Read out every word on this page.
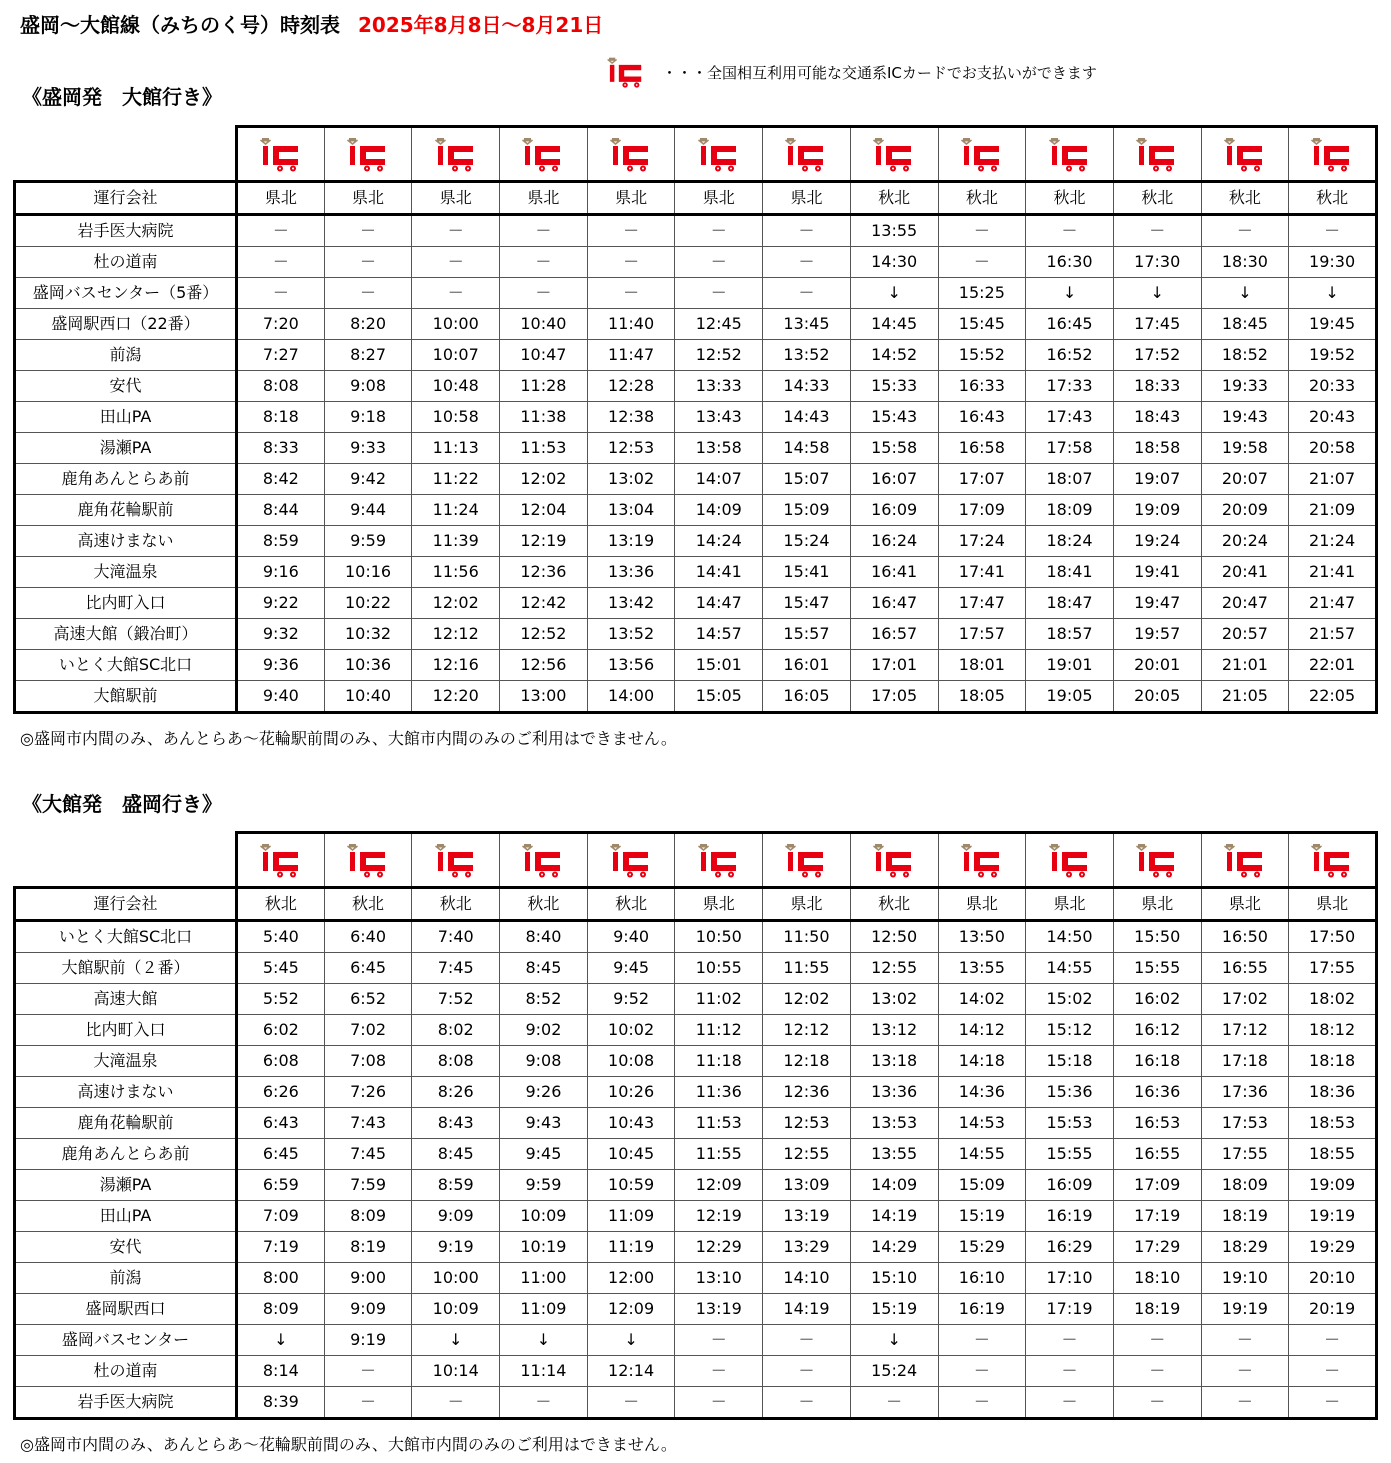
盛岡～大館線（みちのく号）時刻表 2025年8月8日～8月21日
《盛岡発　大館行き》
・・・全国相互利用可能な交通系ICカードでお支払いができます

運行会社	県北	県北	県北	県北	県北	県北	県北	秋北	秋北	秋北	秋北	秋北	秋北
岩手医大病院	－	－	－	－	－	－	－	13:55	－	－	－	－	－
杜の道南	－	－	－	－	－	－	－	14:30	－	16:30	17:30	18:30	19:30
盛岡バスセンター（5番）	－	－	－	－	－	－	－	↓	15:25	↓	↓	↓	↓
盛岡駅西口（22番）	7:20	8:20	10:00	10:40	11:40	12:45	13:45	14:45	15:45	16:45	17:45	18:45	19:45
前潟	7:27	8:27	10:07	10:47	11:47	12:52	13:52	14:52	15:52	16:52	17:52	18:52	19:52
安代	8:08	9:08	10:48	11:28	12:28	13:33	14:33	15:33	16:33	17:33	18:33	19:33	20:33
田山PA	8:18	9:18	10:58	11:38	12:38	13:43	14:43	15:43	16:43	17:43	18:43	19:43	20:43
湯瀬PA	8:33	9:33	11:13	11:53	12:53	13:58	14:58	15:58	16:58	17:58	18:58	19:58	20:58
鹿角あんとらあ前	8:42	9:42	11:22	12:02	13:02	14:07	15:07	16:07	17:07	18:07	19:07	20:07	21:07
鹿角花輪駅前	8:44	9:44	11:24	12:04	13:04	14:09	15:09	16:09	17:09	18:09	19:09	20:09	21:09
高速けまない	8:59	9:59	11:39	12:19	13:19	14:24	15:24	16:24	17:24	18:24	19:24	20:24	21:24
大滝温泉	9:16	10:16	11:56	12:36	13:36	14:41	15:41	16:41	17:41	18:41	19:41	20:41	21:41
比内町入口	9:22	10:22	12:02	12:42	13:42	14:47	15:47	16:47	17:47	18:47	19:47	20:47	21:47
高速大館（鍛冶町）	9:32	10:32	12:12	12:52	13:52	14:57	15:57	16:57	17:57	18:57	19:57	20:57	21:57
いとく大館SC北口	9:36	10:36	12:16	12:56	13:56	15:01	16:01	17:01	18:01	19:01	20:01	21:01	22:01
大館駅前	9:40	10:40	12:20	13:00	14:00	15:05	16:05	17:05	18:05	19:05	20:05	21:05	22:05
◎盛岡市内間のみ、あんとらあ～花輪駅前間のみ、大館市内間のみのご利用はできません。
《大館発　盛岡行き》

運行会社	秋北	秋北	秋北	秋北	秋北	県北	県北	秋北	県北	県北	県北	県北	県北
いとく大館SC北口	5:40	6:40	7:40	8:40	9:40	10:50	11:50	12:50	13:50	14:50	15:50	16:50	17:50
大館駅前（２番）	5:45	6:45	7:45	8:45	9:45	10:55	11:55	12:55	13:55	14:55	15:55	16:55	17:55
高速大館	5:52	6:52	7:52	8:52	9:52	11:02	12:02	13:02	14:02	15:02	16:02	17:02	18:02
比内町入口	6:02	7:02	8:02	9:02	10:02	11:12	12:12	13:12	14:12	15:12	16:12	17:12	18:12
大滝温泉	6:08	7:08	8:08	9:08	10:08	11:18	12:18	13:18	14:18	15:18	16:18	17:18	18:18
高速けまない	6:26	7:26	8:26	9:26	10:26	11:36	12:36	13:36	14:36	15:36	16:36	17:36	18:36
鹿角花輪駅前	6:43	7:43	8:43	9:43	10:43	11:53	12:53	13:53	14:53	15:53	16:53	17:53	18:53
鹿角あんとらあ前	6:45	7:45	8:45	9:45	10:45	11:55	12:55	13:55	14:55	15:55	16:55	17:55	18:55
湯瀬PA	6:59	7:59	8:59	9:59	10:59	12:09	13:09	14:09	15:09	16:09	17:09	18:09	19:09
田山PA	7:09	8:09	9:09	10:09	11:09	12:19	13:19	14:19	15:19	16:19	17:19	18:19	19:19
安代	7:19	8:19	9:19	10:19	11:19	12:29	13:29	14:29	15:29	16:29	17:29	18:29	19:29
前潟	8:00	9:00	10:00	11:00	12:00	13:10	14:10	15:10	16:10	17:10	18:10	19:10	20:10
盛岡駅西口	8:09	9:09	10:09	11:09	12:09	13:19	14:19	15:19	16:19	17:19	18:19	19:19	20:19
盛岡バスセンター	↓	9:19	↓	↓	↓	－	－	↓	－	－	－	－	－
杜の道南	8:14	－	10:14	11:14	12:14	－	－	15:24	－	－	－	－	－
岩手医大病院	8:39	－	－	－	－	－	－	－	－	－	－	－	－
◎盛岡市内間のみ、あんとらあ～花輪駅前間のみ、大館市内間のみのご利用はできません。
